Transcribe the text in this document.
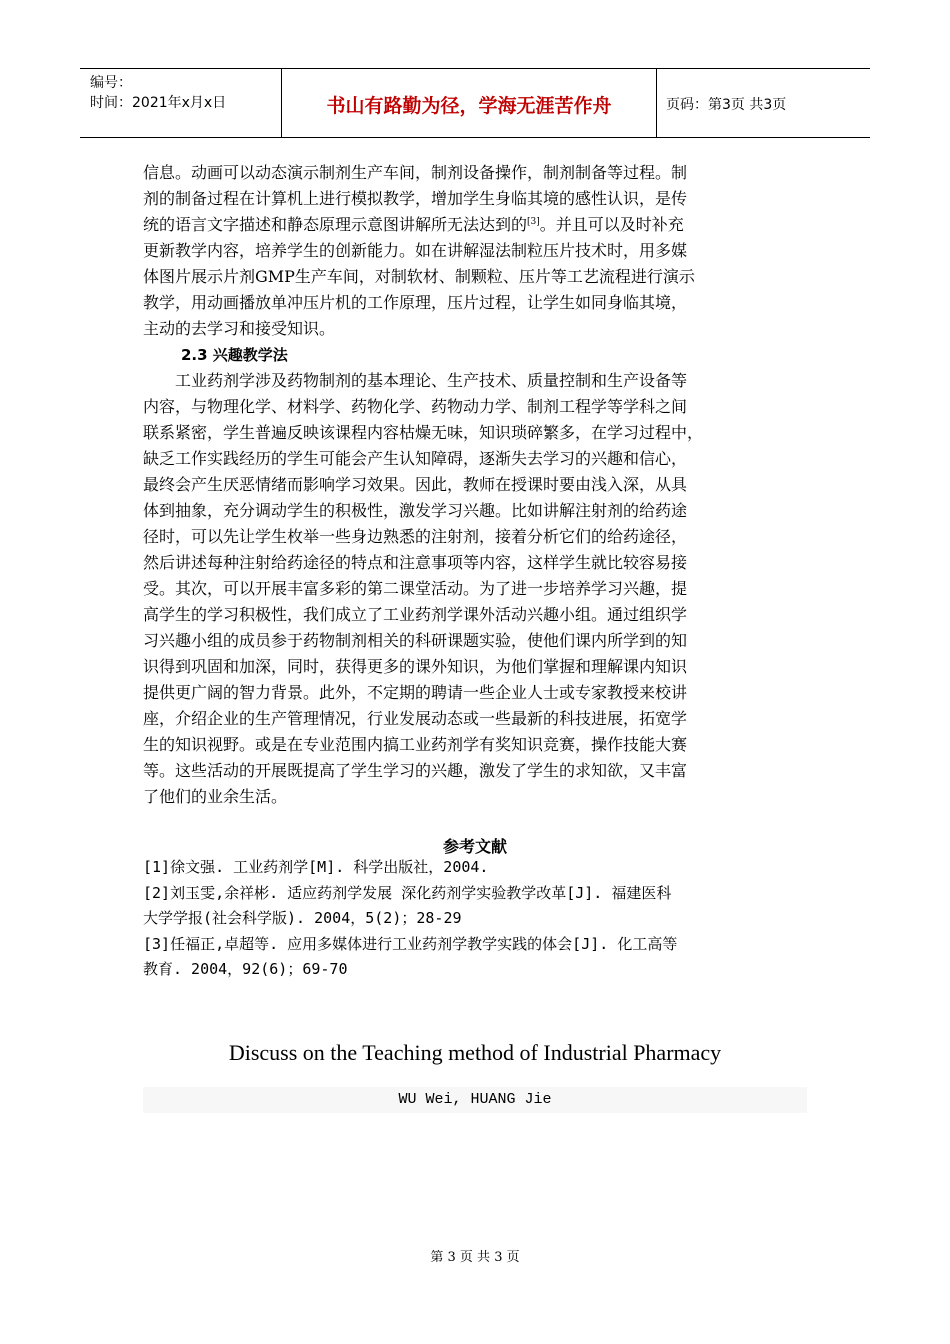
编号：
时间：2021年x月x日	书山有路勤为径，学海无涯苦作舟	页码：第3页 共3页
信息。动画可以动态演示制剂生产车间，制剂设备操作，制剂制备等过程。制
剂的制备过程在计算机上进行模拟教学，增加学生身临其境的感性认识，是传
统的语言文字描述和静态原理示意图讲解所无法达到的[3]。并且可以及时补充
更新教学内容，培养学生的创新能力。如在讲解湿法制粒压片技术时，用多媒
体图片展示片剂GMP生产车间，对制软材、制颗粒、压片等工艺流程进行演示
教学，用动画播放单冲压片机的工作原理，压片过程，让学生如同身临其境，
主动的去学习和接受知识。
2.3 兴趣教学法
　　工业药剂学涉及药物制剂的基本理论、生产技术、质量控制和生产设备等
内容，与物理化学、材料学、药物化学、药物动力学、制剂工程学等学科之间
联系紧密，学生普遍反映该课程内容枯燥无味，知识琐碎繁多，在学习过程中，
缺乏工作实践经历的学生可能会产生认知障碍，逐渐失去学习的兴趣和信心，
最终会产生厌恶情绪而影响学习效果。因此，教师在授课时要由浅入深，从具
体到抽象，充分调动学生的积极性，激发学习兴趣。比如讲解注射剂的给药途
径时，可以先让学生枚举一些身边熟悉的注射剂，接着分析它们的给药途径，
然后讲述每种注射给药途径的特点和注意事项等内容，这样学生就比较容易接
受。其次，可以开展丰富多彩的第二课堂活动。为了进一步培养学习兴趣，提
高学生的学习积极性，我们成立了工业药剂学课外活动兴趣小组。通过组织学
习兴趣小组的成员参于药物制剂相关的科研课题实验，使他们课内所学到的知
识得到巩固和加深，同时，获得更多的课外知识，为他们掌握和理解课内知识
提供更广阔的智力背景。此外，不定期的聘请一些企业人士或专家教授来校讲
座，介绍企业的生产管理情况，行业发展动态或一些最新的科技进展，拓宽学
生的知识视野。或是在专业范围内搞工业药剂学有奖知识竞赛，操作技能大赛
等。这些活动的开展既提高了学生学习的兴趣，激发了学生的求知欲，又丰富
了他们的业余生活。
参考文献
[1]徐文强. 工业药剂学[M]. 科学出版社，2004.
[2]刘玉雯,余祥彬. 适应药剂学发展 深化药剂学实验教学改革[J]. 福建医科
大学学报(社会科学版). 2004，5(2)；28-29
[3]任福正,卓超等. 应用多媒体进行工业药剂学教学实践的体会[J]. 化工高等
教育. 2004，92(6)；69-70
Discuss on the Teaching method of Industrial Pharmacy
WU Wei, HUANG Jie
第 3 页 共 3 页
